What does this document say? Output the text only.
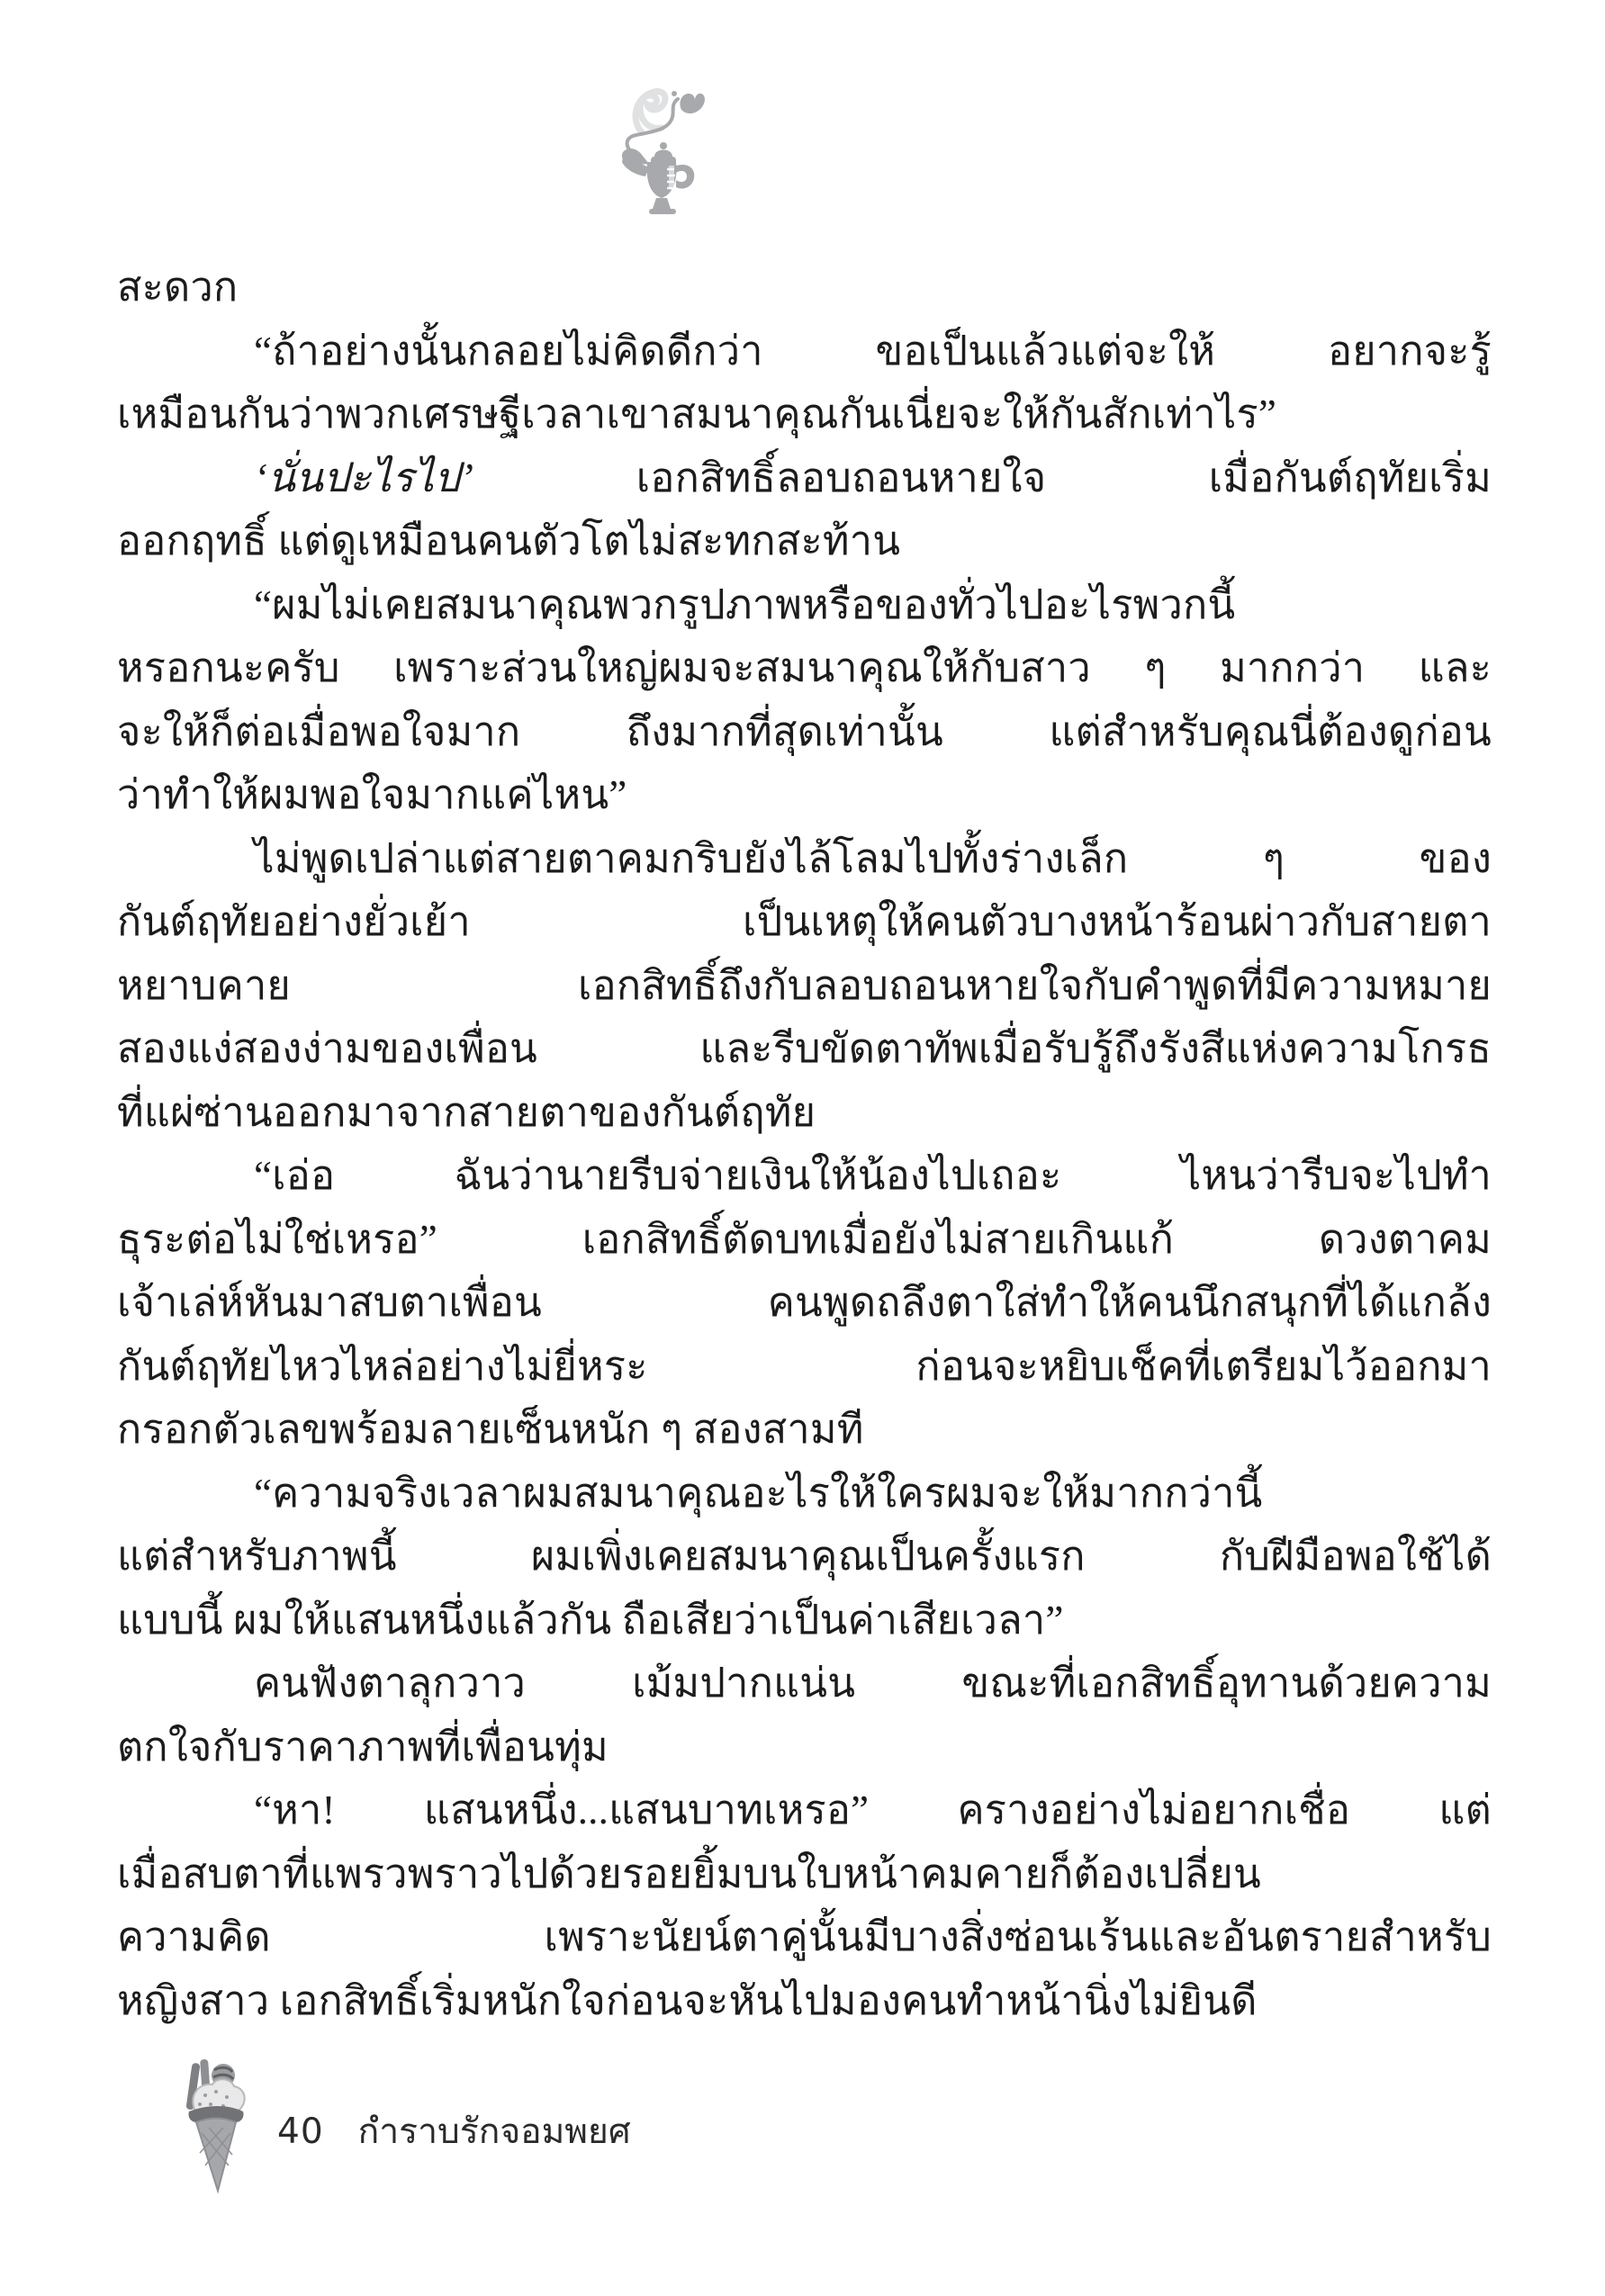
สะดวก
“ถ้าอย่างนั้นกลอยไม่คิดดีกว่า ขอเป็นแล้วแต่จะให้ อยากจะรู้
เหมือนกันว่าพวกเศรษฐีเวลาเขาสมนาคุณกันเนี่ยจะให้กันสักเท่าไร”
‘นั่นปะไรไป’ เอกสิทธิ์ลอบถอนหายใจ เมื่อกันต์ฤทัยเริ่ม
ออกฤทธิ์ แต่ดูเหมือนคนตัวโตไม่สะทกสะท้าน
“ผมไม่เคยสมนาคุณพวกรูปภาพหรือของทั่วไปอะไรพวกนี้
หรอกนะครับ เพราะส่วนใหญ่ผมจะสมนาคุณให้กับสาว ๆ มากกว่า และ
จะให้ก็ต่อเมื่อพอใจมาก ถึงมากที่สุดเท่านั้น แต่สำหรับคุณนี่ต้องดูก่อน
ว่าทำให้ผมพอใจมากแค่ไหน”
ไม่พูดเปล่าแต่สายตาคมกริบยังไล้โลมไปทั้งร่างเล็ก ๆ ของ
กันต์ฤทัยอย่างยั่วเย้า เป็นเหตุให้คนตัวบางหน้าร้อนผ่าวกับสายตา
หยาบคาย เอกสิทธิ์ถึงกับลอบถอนหายใจกับคำพูดที่มีความหมาย
สองแง่สองง่ามของเพื่อน และรีบขัดตาทัพเมื่อรับรู้ถึงรังสีแห่งความโกรธ
ที่แผ่ซ่านออกมาจากสายตาของกันต์ฤทัย
“เอ่อ ฉันว่านายรีบจ่ายเงินให้น้องไปเถอะ ไหนว่ารีบจะไปทำ
ธุระต่อไม่ใช่เหรอ” เอกสิทธิ์ตัดบทเมื่อยังไม่สายเกินแก้ ดวงตาคม
เจ้าเล่ห์หันมาสบตาเพื่อน คนพูดถลึงตาใส่ทำให้คนนึกสนุกที่ได้แกล้ง
กันต์ฤทัยไหวไหล่อย่างไม่ยี่หระ ก่อนจะหยิบเช็คที่เตรียมไว้ออกมา
กรอกตัวเลขพร้อมลายเซ็นหนัก ๆ สองสามที
“ความจริงเวลาผมสมนาคุณอะไรให้ใครผมจะให้มากกว่านี้
แต่สำหรับภาพนี้ ผมเพิ่งเคยสมนาคุณเป็นครั้งแรก กับฝีมือพอใช้ได้
แบบนี้ ผมให้แสนหนึ่งแล้วกัน ถือเสียว่าเป็นค่าเสียเวลา”
คนฟังตาลุกวาว เม้มปากแน่น ขณะที่เอกสิทธิ์อุทานด้วยความ
ตกใจกับราคาภาพที่เพื่อนทุ่ม
“หา! แสนหนึ่ง...แสนบาทเหรอ” ครางอย่างไม่อยากเชื่อ แต่
เมื่อสบตาที่แพรวพราวไปด้วยรอยยิ้มบนใบหน้าคมคายก็ต้องเปลี่ยน
ความคิด เพราะนัยน์ตาคู่นั้นมีบางสิ่งซ่อนเร้นและอันตรายสำหรับ
หญิงสาว เอกสิทธิ์เริ่มหนักใจก่อนจะหันไปมองคนทำหน้านิ่งไม่ยินดี
40 กำราบรักจอมพยศ
